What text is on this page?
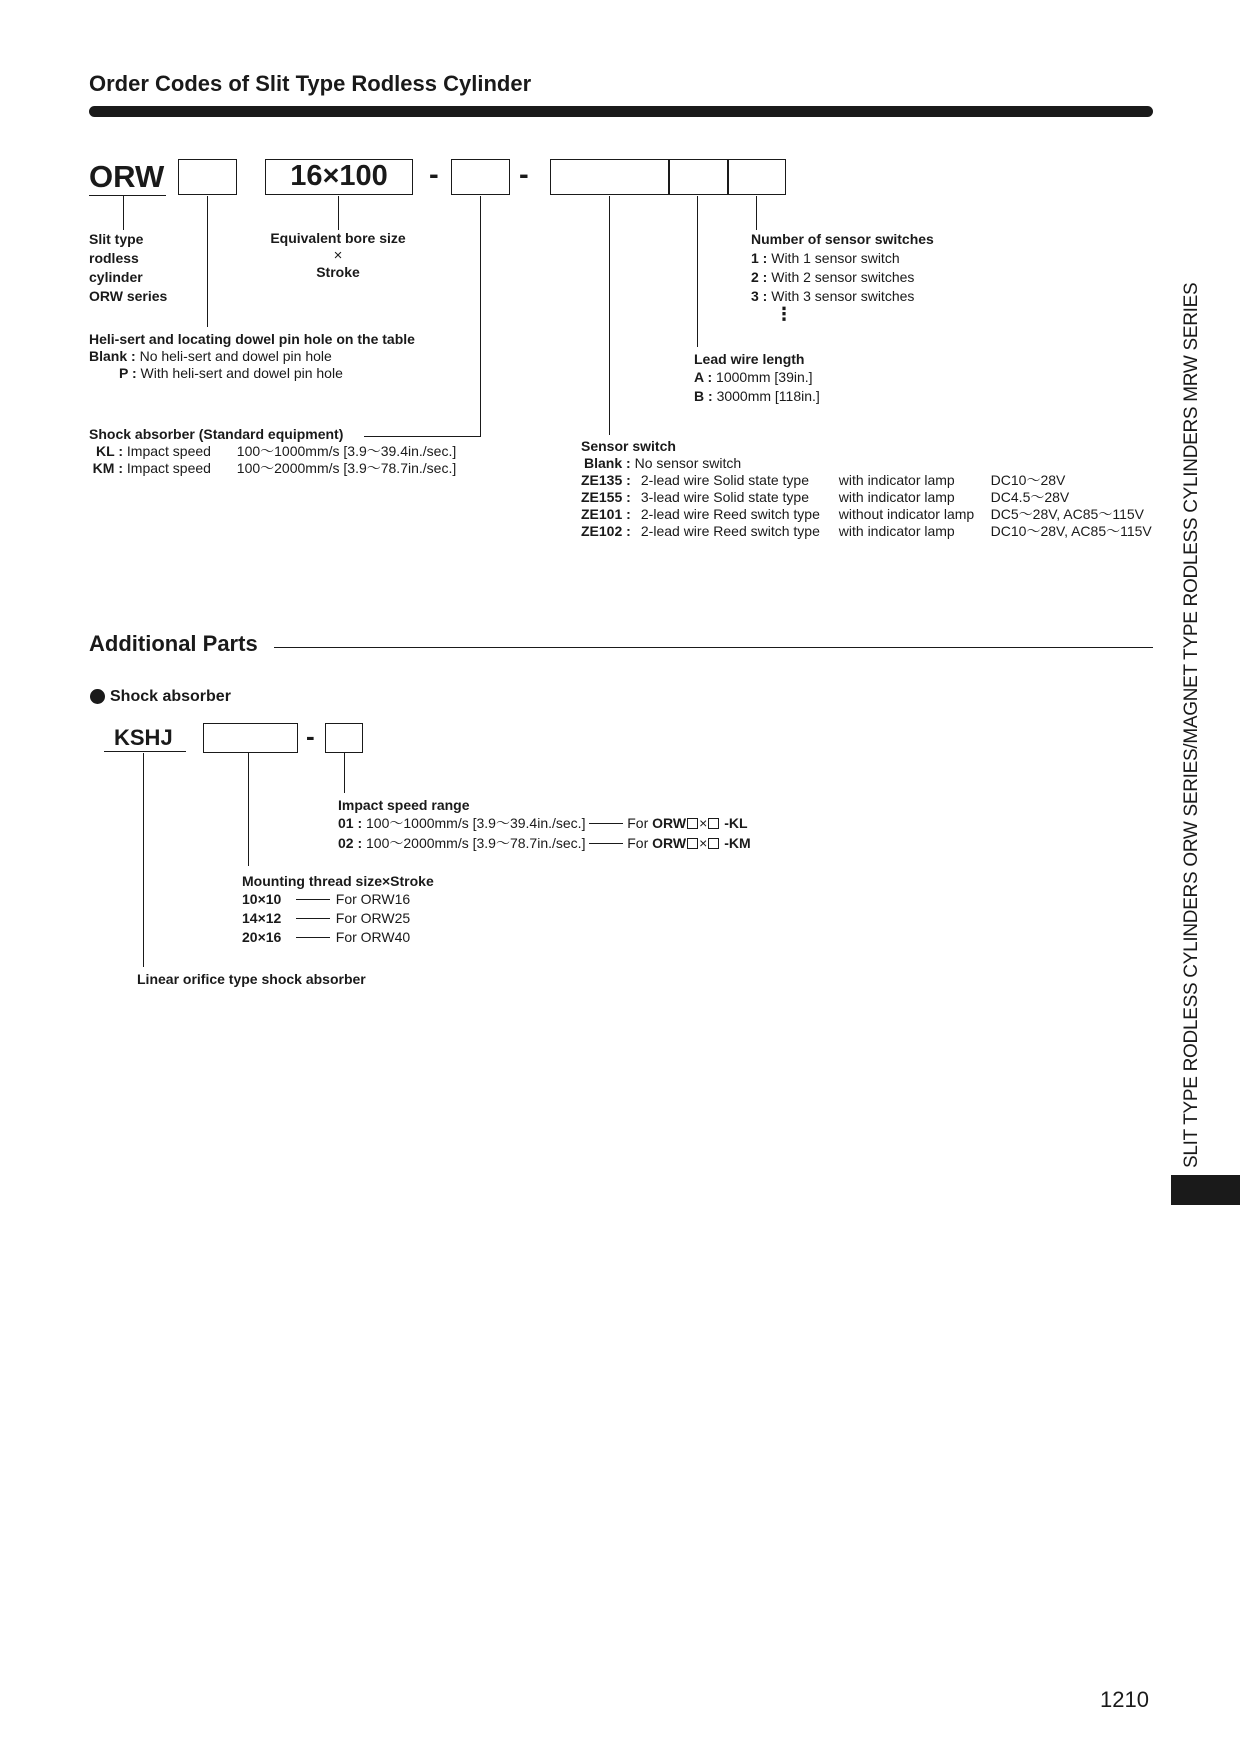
Order Codes of Slit Type Rodless Cylinder
ORW	16×100	-	-
Slit type
rodless
cylinder
ORW series
Equivalent bore size
×
Stroke
Number of sensor switches
1 : With 1 sensor switch
2 : With 2 sensor switches
3 : With 3 sensor switches
⋮
Heli-sert and locating dowel pin hole on the table
Blank : No heli-sert and dowel pin hole
P : With heli-sert and dowel pin hole
Lead wire length
A : 1000mm [39in.]
B : 3000mm [118in.]
Shock absorber (Standard equipment)
KL : Impact speed 100～1000mm/s [3.9～39.4in./sec.]
KM : Impact speed 100～2000mm/s [3.9～78.7in./sec.]
Sensor switch
Blank : No sensor switch
ZE135 : 2-lead wire Solid state type with indicator lamp	DC10～28V
ZE155 : 3-lead wire Solid state type with indicator lamp	DC4.5～28V
ZE101 : 2-lead wire Reed switch type without indicator lamp DC5～28V, AC85～115V
ZE102 : 2-lead wire Reed switch type with indicator lamp	DC10～28V, AC85～115V
Additional Parts
Shock absorber
KSHJ	-
Impact speed range
01 : 100～1000mm/s [3.9～39.4in./sec.]	For ORW × -KL
02 : 100～2000mm/s [3.9～78.7in./sec.]	For ORW × -KM
Mounting thread size×Stroke
10×10	For ORW16
14×12	For ORW25
20×16	For ORW40
Linear orifice type shock absorber	SLIT TYPE RODLESS CYLINDERS ORW SERIES/MAGNET TYPE RODLESS CYLINDERS MRW SERIES
1210
